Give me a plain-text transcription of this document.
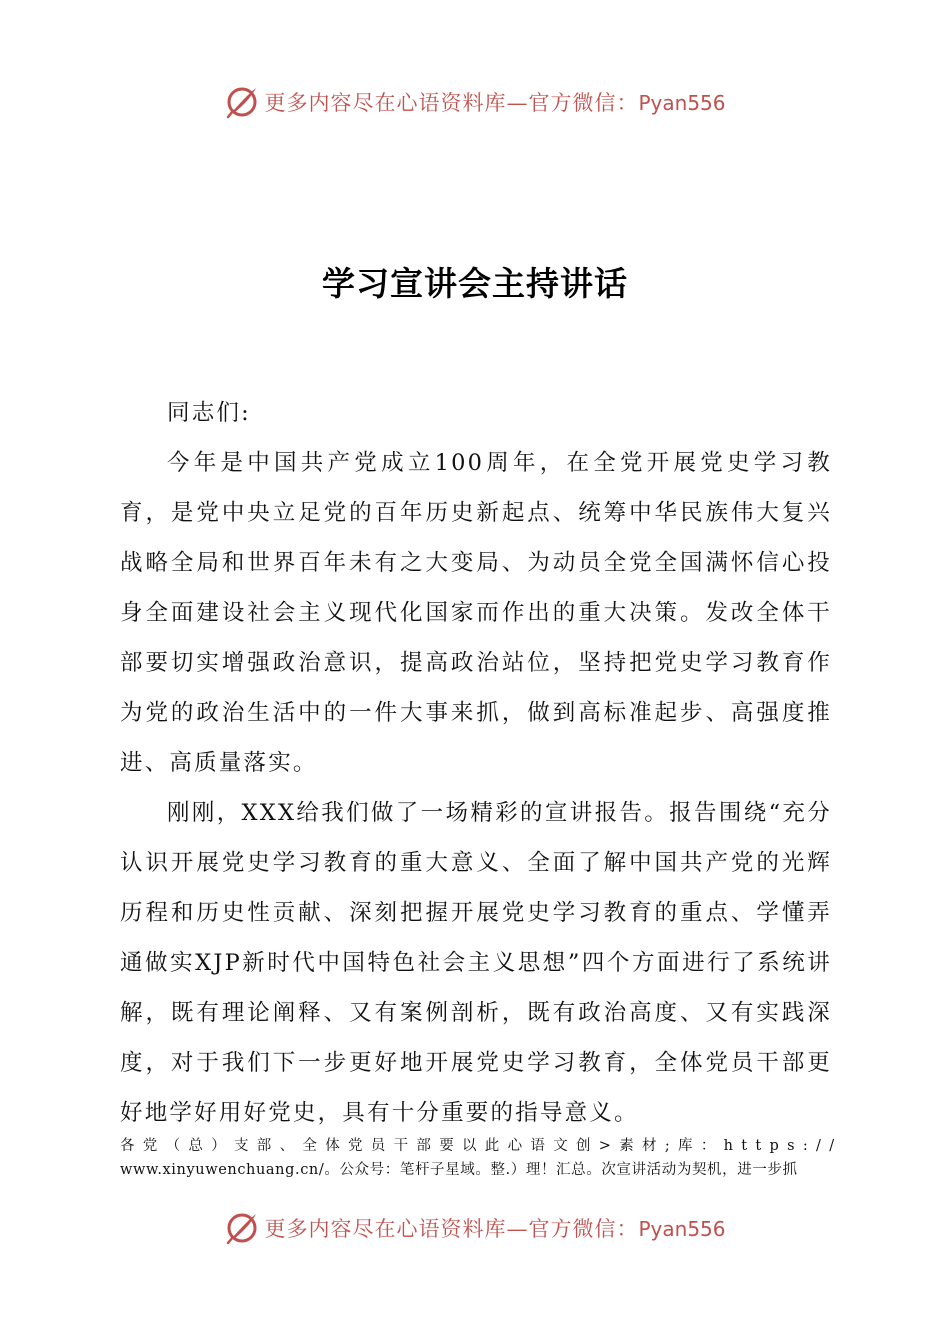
更多内容尽在心语资料库—官方微信：Pyan556
学习宣讲会主持讲话

同志们:

今年是中国共产党成立100周年，在全党开展党史学习教育，是党中央立足党的百年历史新起点、统筹中华民族伟大复兴战略全局和世界百年未有之大变局、为动员全党全国满怀信心投身全面建设社会主义现代化国家而作出的重大决策。发改全体干部要切实增强政治意识，提高政治站位，坚持把党史学习教育作为党的政治生活中的一件大事来抓，做到高标准起步、高强度推进、高质量落实。

刚刚，XXX给我们做了一场精彩的宣讲报告。报告围绕“充分认识开展党史学习教育的重大意义、全面了解中国共产党的光辉历程和历史性贡献、深刻把握开展党史学习教育的重点、学懂弄通做实XJP新时代中国特色社会主义思想”四个方面进行了系统讲解，既有理论阐释、又有案例剖析，既有政治高度、又有实践深度，对于我们下一步更好地开展党史学习教育，全体党员干部更好地学好用好党史，具有十分重要的指导意义。

各党（总）支部、全体党员干部要以此心语文创>素材;库：https://
www.xinyuwenchuang.cn/。公众号：笔杆子星域。整.）理！汇总。次宣讲活动为契机，进一步抓
更多内容尽在心语资料库—官方微信：Pyan556
